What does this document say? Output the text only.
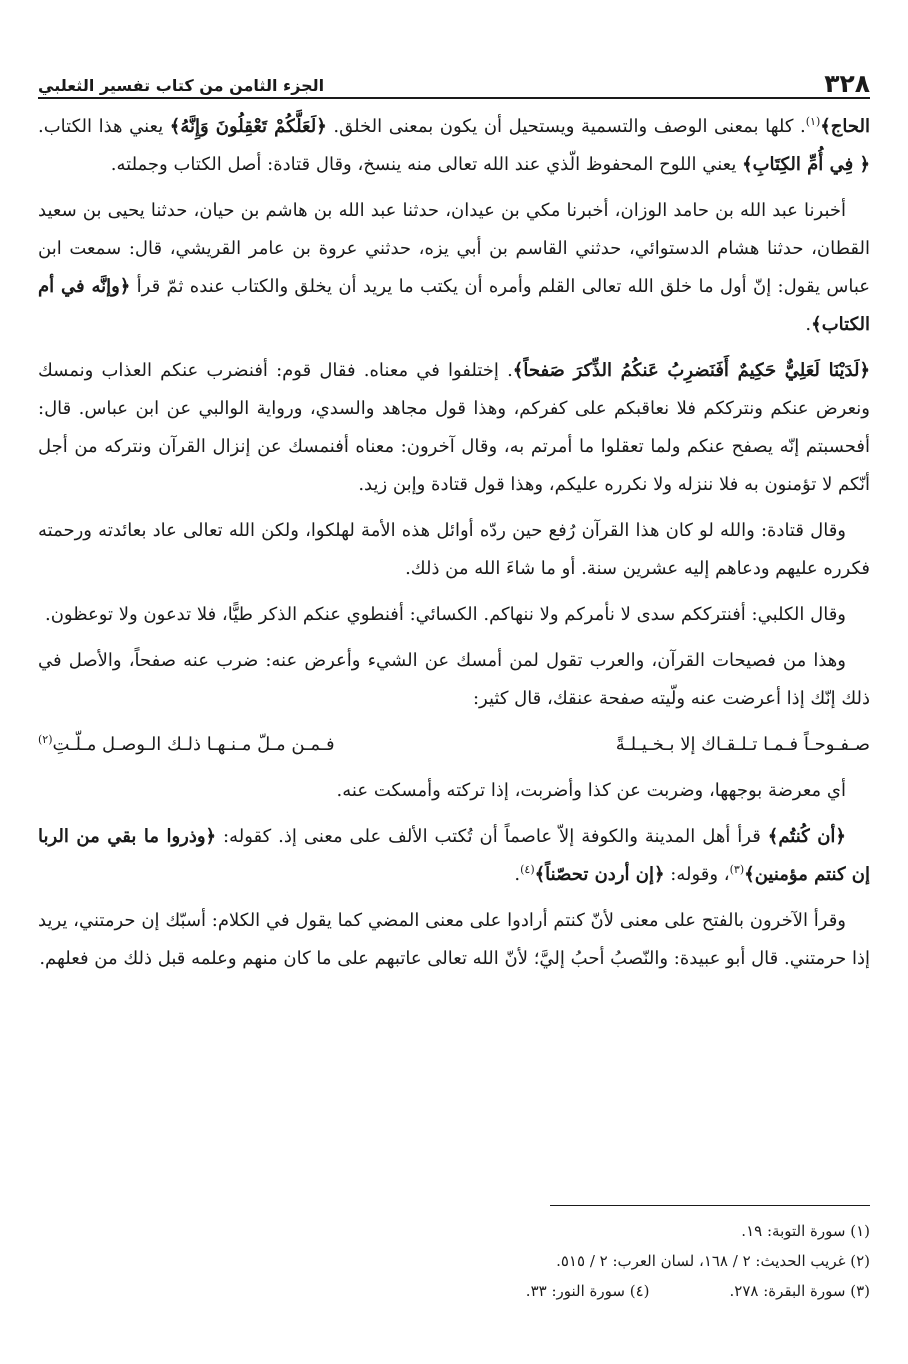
٣٢٨
الجزء الثامن من كتاب تفسير الثعلبي

الحاج﴾$^{(١)}$. كلها بمعنى الوصف والتسمية ويستحيل أن يكون بمعنى الخلق. ﴿لَعَلَّكُمْ تَعْقِلُونَ وَإِنَّهُ﴾ يعني هذا الكتاب. ﴿ فِي أُمِّ الكِتَابِ﴾ يعني اللوح المحفوظ الّذي عند الله تعالى منه ينسخ، وقال قتادة: أصل الكتاب وجملته.

أخبرنا عبد الله بن حامد الوزان، أخبرنا مكي بن عيدان، حدثنا عبد الله بن هاشم بن حيان، حدثنا يحيى بن سعيد القطان، حدثنا هشام الدستوائي، حدثني القاسم بن أبي يزه، حدثني عروة بن عامر القريشي، قال: سمعت ابن عباس يقول: إنّ أول ما خلق الله تعالى القلم وأمره أن يكتب ما يريد أن يخلق والكتاب عنده ثمّ قرأ ﴿وإنَّه في أم الكتاب﴾.

﴿لَدَيْنَا لَعَلِيٌّ حَكِيمٌ أَفَنَضرِبُ عَنكُمُ الذِّكرَ صَفحاً﴾. إختلفوا في معناه. فقال قوم: أفنضرب عنكم العذاب ونمسك ونعرض عنكم ونترككم فلا نعاقبكم على كفركم، وهذا قول مجاهد والسدي، ورواية الوالبي عن ابن عباس. قال: أفحسبتم إنّه يصفح عنكم ولما تعقلوا ما أمرتم به، وقال آخرون: معناه أفنمسك عن إنزال القرآن ونتركه من أجل أنّكم لا تؤمنون به فلا ننزله ولا نكرره عليكم، وهذا قول قتادة وإبن زيد.

وقال قتادة: والله لو كان هذا القرآن رُفع حين ردّه أوائل هذه الأمة لهلكوا، ولكن الله تعالى عاد بعائدته ورحمته فكرره عليهم ودعاهم إليه عشرين سنة. أو ما شاءَ الله من ذلك.

وقال الكلبي: أفنترككم سدى لا نأمركم ولا ننهاكم. الكسائي: أفنطوي عنكم الذكر طيًّا، فلا تدعون ولا توعظون.

وهذا من فصيحات القرآن، والعرب تقول لمن أمسك عن الشيء وأعرض عنه: ضرب عنه صفحاً، والأصل في ذلك إنّك إذا أعرضت عنه ولّيته صفحة عنقك، قال كثير:

صـفـوحـاً فـمـا تـلـقـاك إلا بـخـيـلـةً
فـمـن مـلّ مـنـهـا ذلـك الـوصـل مـلّـتِ$^{(٢)}$

أي معرضة بوجهها، وضربت عن كذا وأضربت، إذا تركته وأمسكت عنه.

﴿أن كُنتُم﴾ قرأ أهل المدينة والكوفة إلاّ عاصماً أن تُكتب الألف على معنى إذ. كقوله: ﴿وذروا ما بقي من الربا إن كنتم مؤمنين﴾$^{(٣)}$، وقوله: ﴿إن أردن تحصّناً﴾$^{(٤)}$.

وقرأ الآخرون بالفتح على معنى لأنّ كنتم أرادوا على معنى المضي كما يقول في الكلام: أسبّك إن حرمتني، يريد إذا حرمتني. قال أبو عبيدة: والنّصبُ أحبُ إليَّ؛ لأنّ الله تعالى عاتبهم على ما كان منهم وعلمه قبل ذلك من فعلهم.

(١) سورة التوبة: ١٩.
(٢) غريب الحديث: ٢ / ١٦٨، لسان العرب: ٢ / ٥١٥.
(٣) سورة البقرة: ٢٧٨.(٤) سورة النور: ٣٣.
